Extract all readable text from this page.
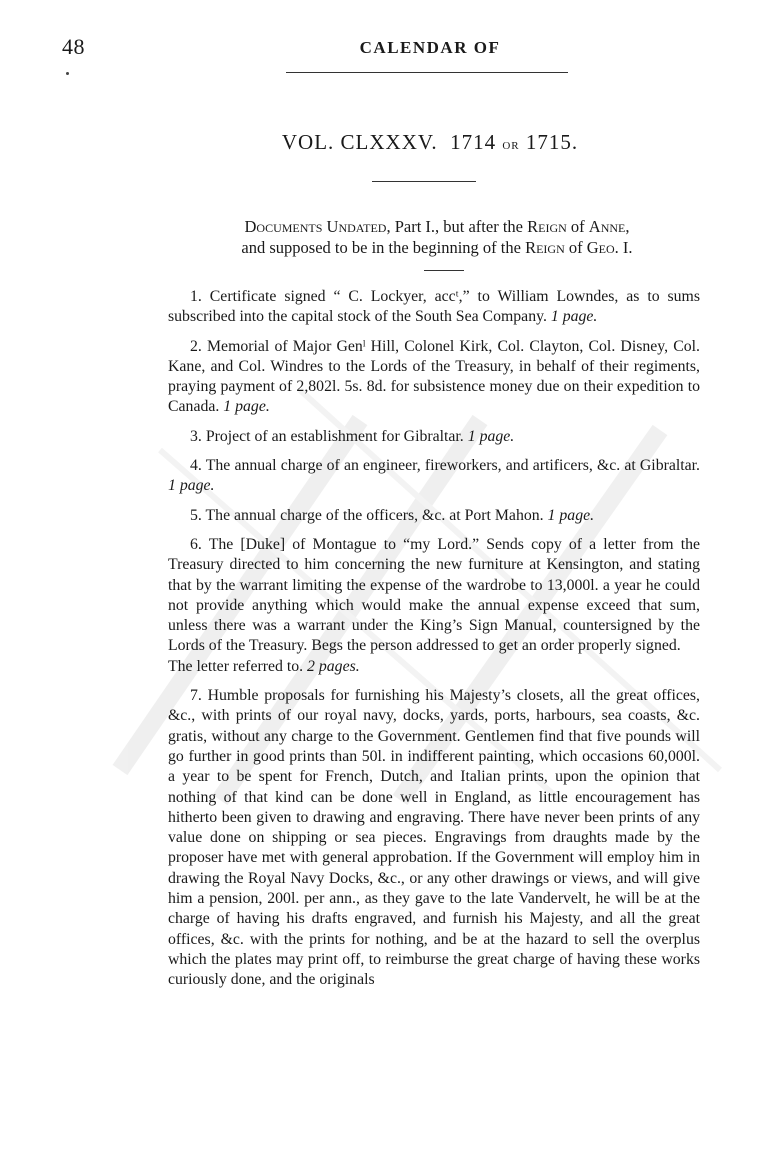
48	CALENDAR OF
VOL. CLXXXV. 1714 or 1715.
Documents Undated, Part I., but after the Reign of Anne,
and supposed to be in the beginning of the Reign of Geo. I.

1. Certificate signed “ C. Lockyer, accᵗ,” to William Lowndes, as to sums subscribed into the capital stock of the South Sea Company. 1 page.

2. Memorial of Major Genˡ Hill, Colonel Kirk, Col. Clayton, Col. Disney, Col. Kane, and Col. Windres to the Lords of the Treasury, in behalf of their regiments, praying payment of 2,802l. 5s. 8d. for subsistence money due on their expedition to Canada. 1 page.

3. Project of an establishment for Gibraltar. 1 page.

4. The annual charge of an engineer, fireworkers, and artificers, &c. at Gibraltar. 1 page.

5. The annual charge of the officers, &c. at Port Mahon. 1 page.

6. The [Duke] of Montague to “my Lord.” Sends copy of a letter from the Treasury directed to him concerning the new furniture at Kensington, and stating that by the warrant limiting the expense of the wardrobe to 13,000l. a year he could not provide anything which would make the annual expense exceed that sum, unless there was a warrant under the King’s Sign Manual, countersigned by the Lords of the Treasury. Begs the person addressed to get an order properly signed.

The letter referred to. 2 pages.

7. Humble proposals for furnishing his Majesty’s closets, all the great offices, &c., with prints of our royal navy, docks, yards, ports, harbours, sea coasts, &c. gratis, without any charge to the Government. Gentlemen find that five pounds will go further in good prints than 50l. in indifferent painting, which occasions 60,000l. a year to be spent for French, Dutch, and Italian prints, upon the opinion that nothing of that kind can be done well in England, as little encouragement has hitherto been given to drawing and engraving. There have never been prints of any value done on shipping or sea pieces. Engravings from draughts made by the proposer have met with general approbation. If the Government will employ him in drawing the Royal Navy Docks, &c., or any other drawings or views, and will give him a pension, 200l. per ann., as they gave to the late Vandervelt, he will be at the charge of having his drafts engraved, and furnish his Majesty, and all the great offices, &c. with the prints for nothing, and be at the hazard to sell the overplus which the plates may print off, to reimburse the great charge of having these works curiously done, and the originals
